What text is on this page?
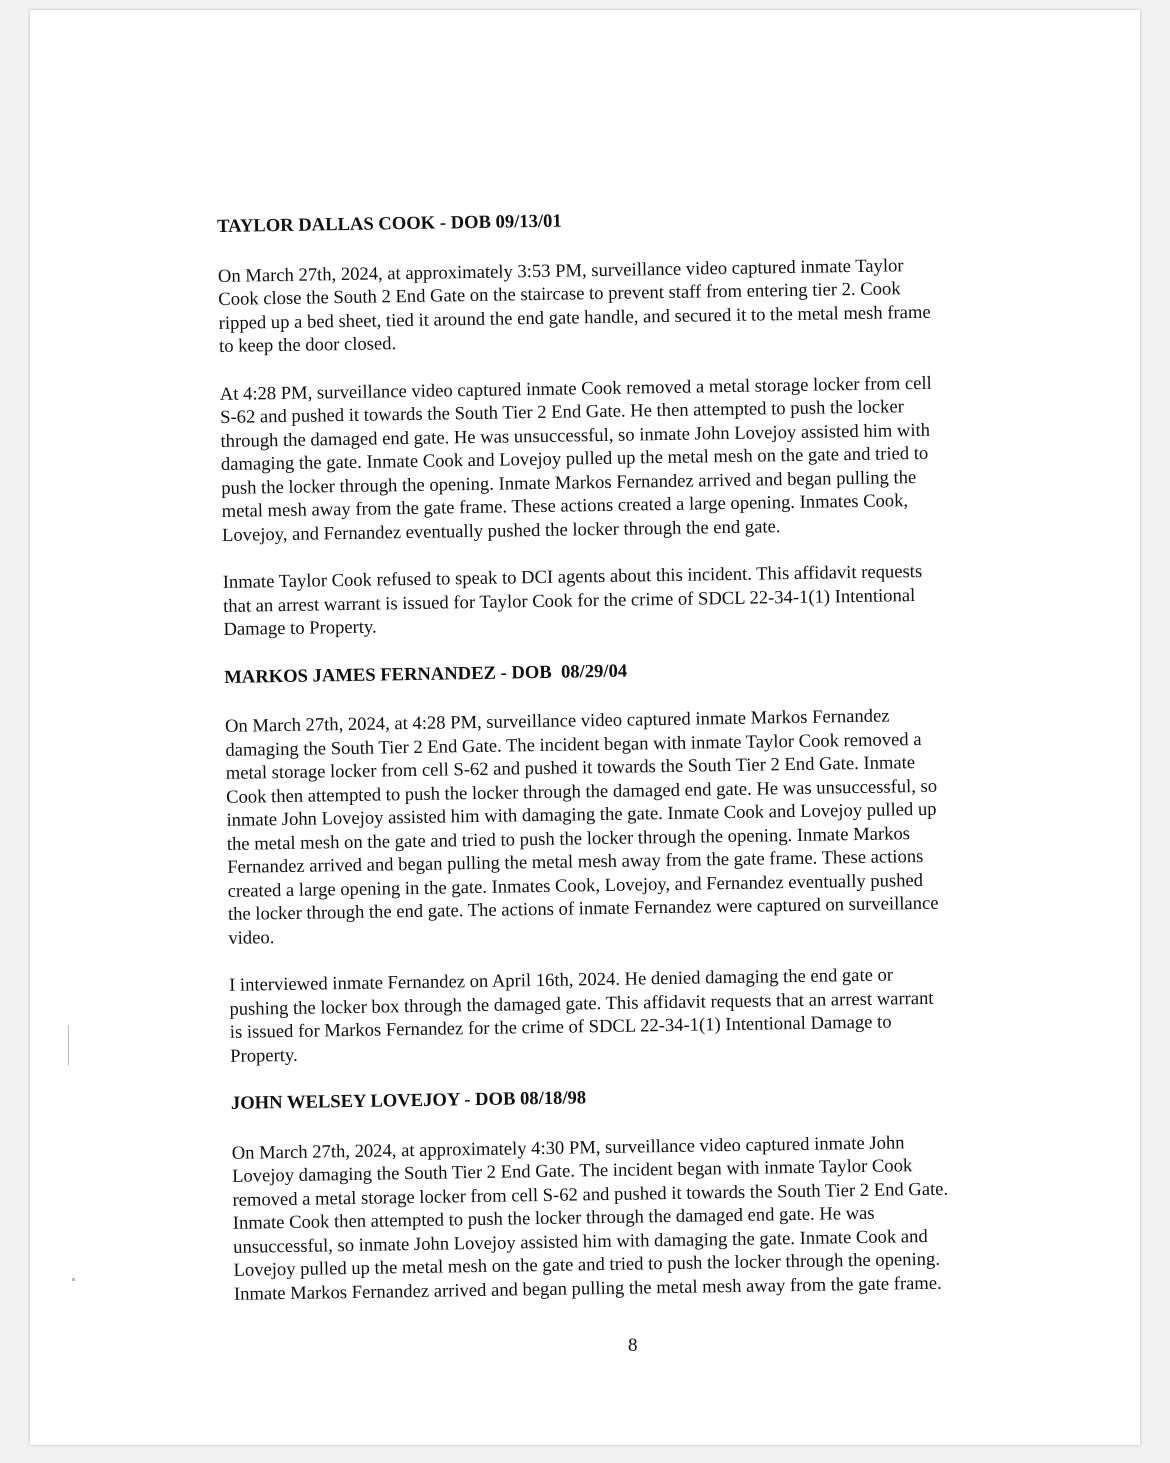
TAYLOR DALLAS COOK - DOB 09/13/01
On March 27th, 2024, at approximately 3:53 PM, surveillance video captured inmate Taylor
Cook close the South 2 End Gate on the staircase to prevent staff from entering tier 2. Cook
ripped up a bed sheet, tied it around the end gate handle, and secured it to the metal mesh frame
to keep the door closed.
At 4:28 PM, surveillance video captured inmate Cook removed a metal storage locker from cell
S-62 and pushed it towards the South Tier 2 End Gate. He then attempted to push the locker
through the damaged end gate. He was unsuccessful, so inmate John Lovejoy assisted him with
damaging the gate. Inmate Cook and Lovejoy pulled up the metal mesh on the gate and tried to
push the locker through the opening. Inmate Markos Fernandez arrived and began pulling the
metal mesh away from the gate frame. These actions created a large opening. Inmates Cook,
Lovejoy, and Fernandez eventually pushed the locker through the end gate.
Inmate Taylor Cook refused to speak to DCI agents about this incident. This affidavit requests
that an arrest warrant is issued for Taylor Cook for the crime of SDCL 22-34-1(1) Intentional
Damage to Property.
MARKOS JAMES FERNANDEZ - DOB  08/29/04
On March 27th, 2024, at 4:28 PM, surveillance video captured inmate Markos Fernandez
damaging the South Tier 2 End Gate. The incident began with inmate Taylor Cook removed a
metal storage locker from cell S-62 and pushed it towards the South Tier 2 End Gate. Inmate
Cook then attempted to push the locker through the damaged end gate. He was unsuccessful, so
inmate John Lovejoy assisted him with damaging the gate. Inmate Cook and Lovejoy pulled up
the metal mesh on the gate and tried to push the locker through the opening. Inmate Markos
Fernandez arrived and began pulling the metal mesh away from the gate frame. These actions
created a large opening in the gate. Inmates Cook, Lovejoy, and Fernandez eventually pushed
the locker through the end gate. The actions of inmate Fernandez were captured on surveillance
video.
I interviewed inmate Fernandez on April 16th, 2024. He denied damaging the end gate or
pushing the locker box through the damaged gate. This affidavit requests that an arrest warrant
is issued for Markos Fernandez for the crime of SDCL 22-34-1(1) Intentional Damage to
Property.
JOHN WELSEY LOVEJOY - DOB 08/18/98
On March 27th, 2024, at approximately 4:30 PM, surveillance video captured inmate John
Lovejoy damaging the South Tier 2 End Gate. The incident began with inmate Taylor Cook
removed a metal storage locker from cell S-62 and pushed it towards the South Tier 2 End Gate.
Inmate Cook then attempted to push the locker through the damaged end gate. He was
unsuccessful, so inmate John Lovejoy assisted him with damaging the gate. Inmate Cook and
Lovejoy pulled up the metal mesh on the gate and tried to push the locker through the opening.
Inmate Markos Fernandez arrived and began pulling the metal mesh away from the gate frame.
8
